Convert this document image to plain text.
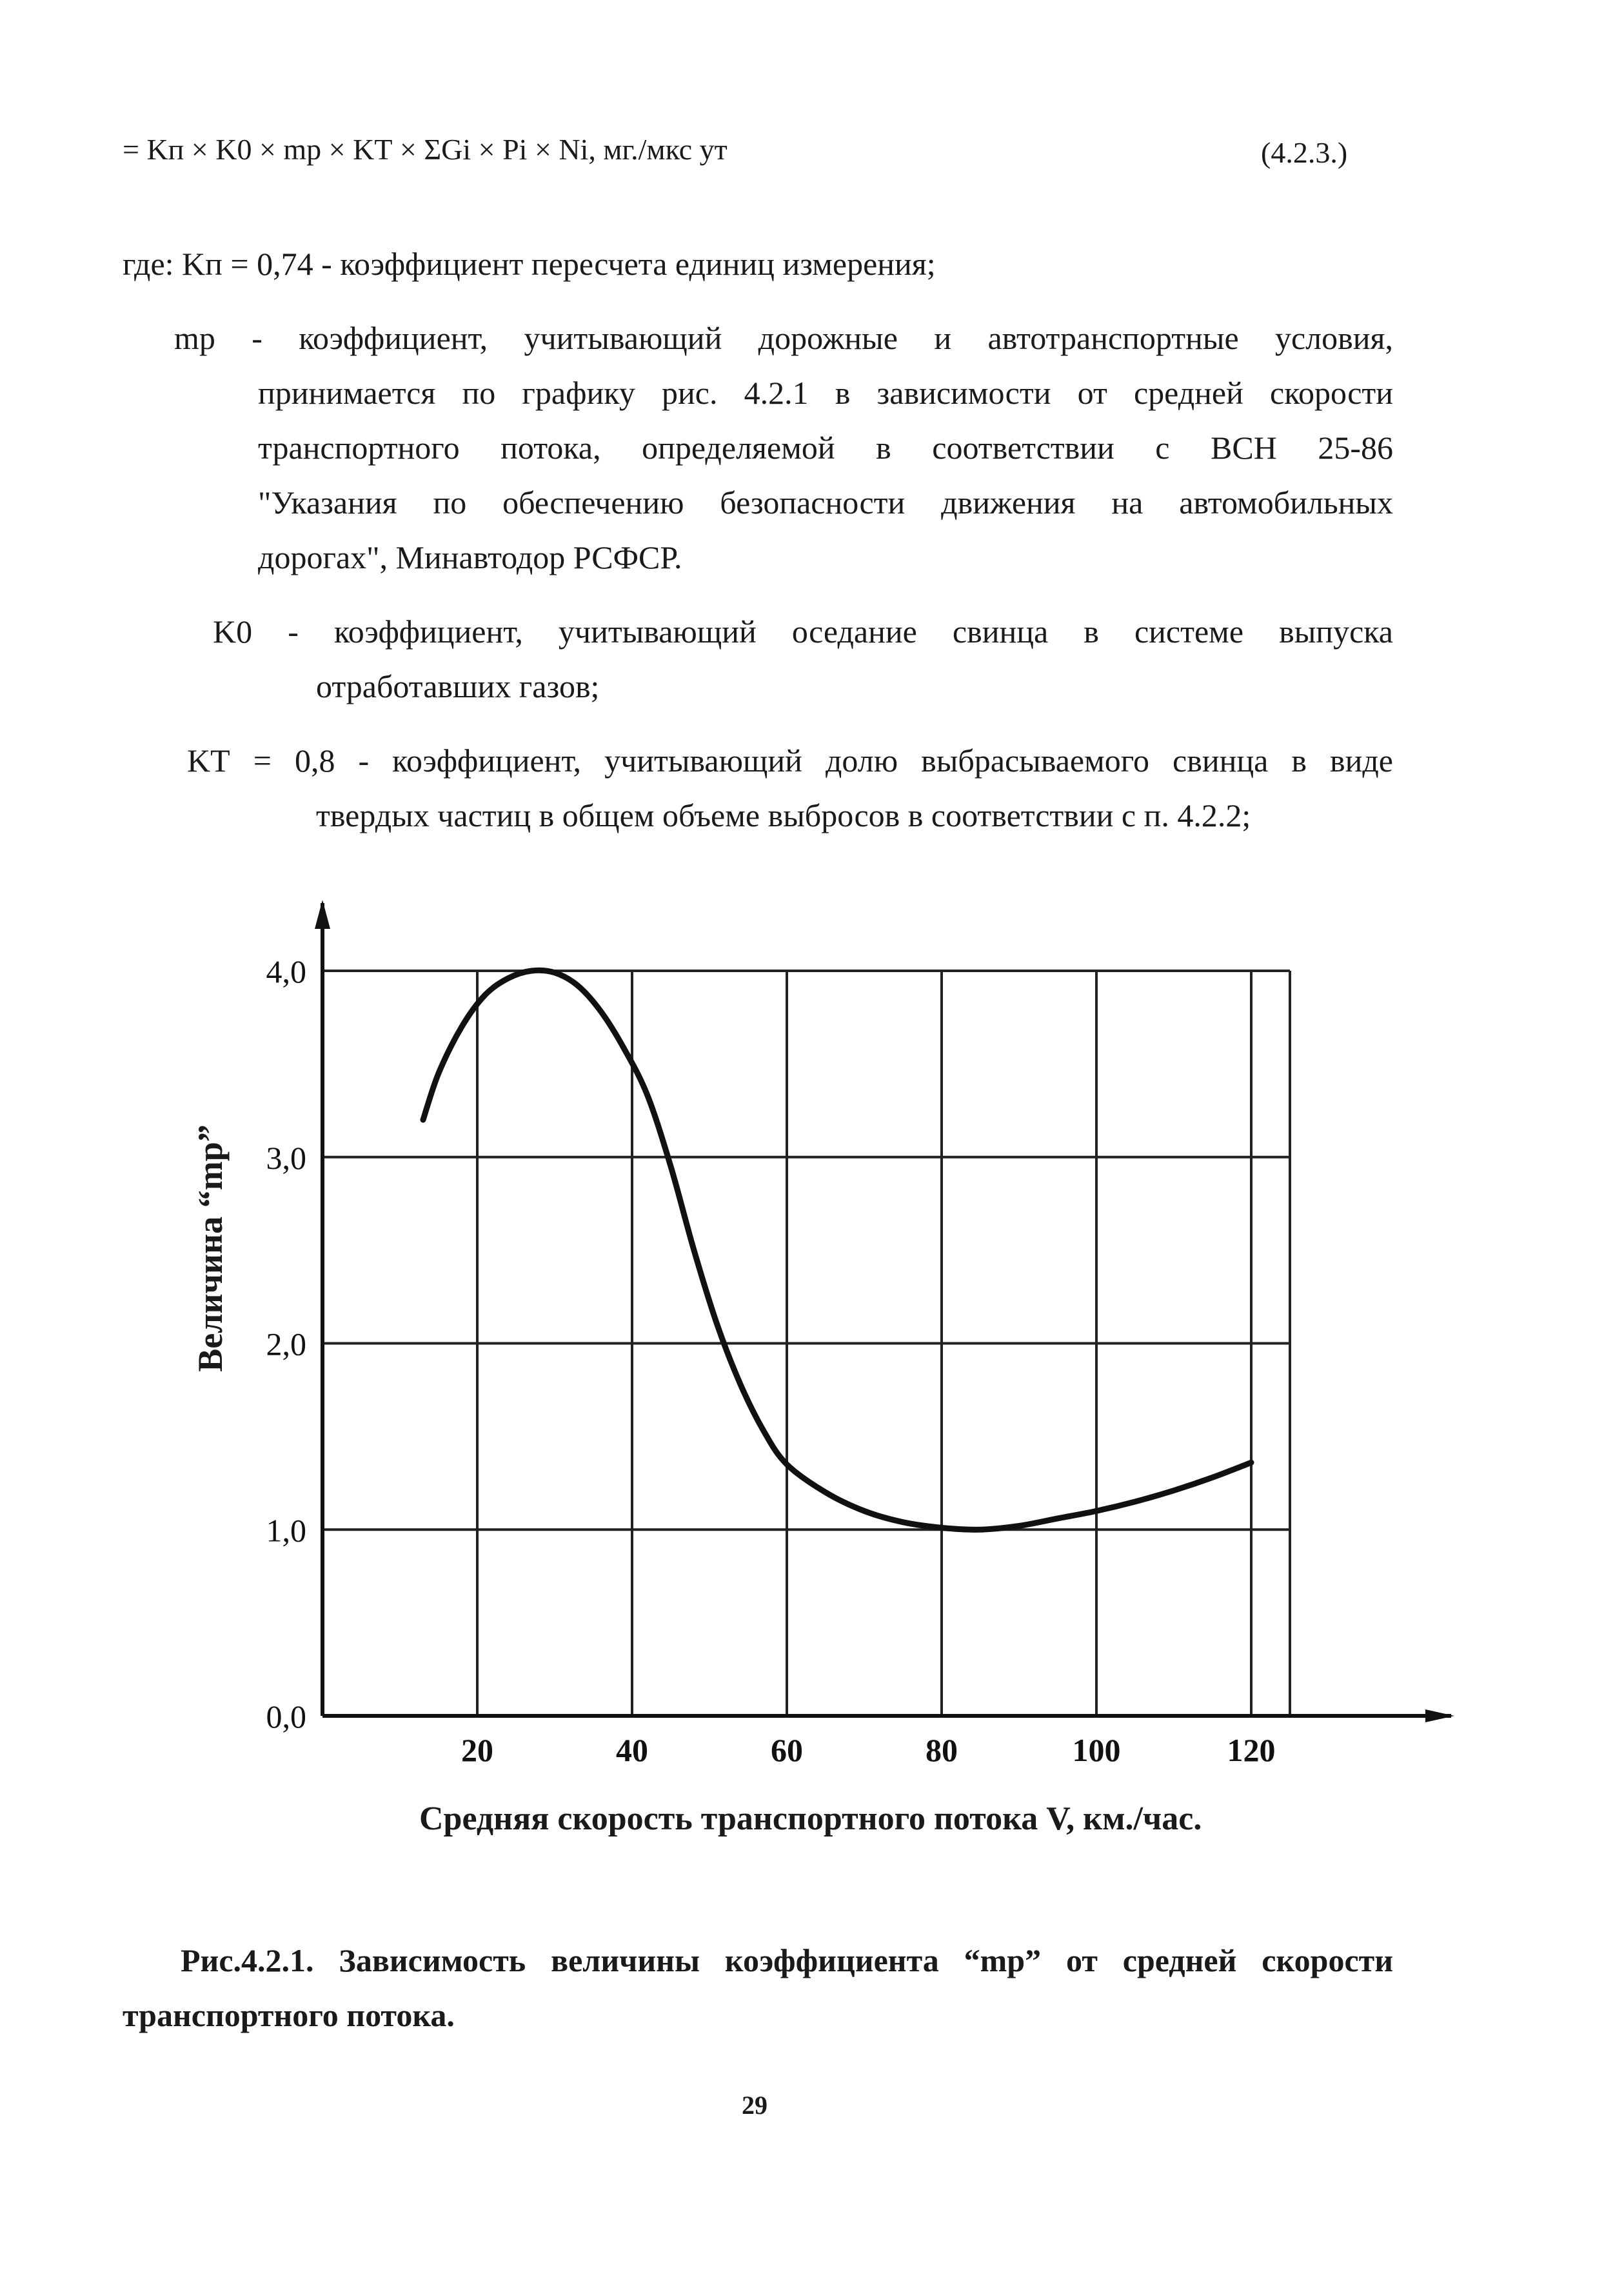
= Kп × K0 × mр × KТ × ΣGi × Pi × Ni, мг./мкс ут	(4.2.3.)
где: Kп = 0,74 - коэффициент пересчета единиц измерения;
mр - коэффициент, учитывающий дорожные и автотранспортные условия,
принимается по графику рис. 4.2.1 в зависимости от средней скорости
транспортного потока, определяемой в соответствии с ВСН 25-86
"Указания по обеспечению безопасности движения на автомобильных
дорогах", Минавтодор РСФСР.
K0 - коэффициент, учитывающий оседание свинца в системе выпуска
отработавших газов;
KТ = 0,8 - коэффициент, учитывающий долю выбрасываемого свинца в виде
твердых частиц в общем объеме выбросов в соответствии с п. 4.2.2;
0,0
1,0
2,0
3,0
4,0
20	40	60	80	100	120
Величина “mр”
Средняя скорость транспортного потока V, км./час.
Рис.4.2.1. Зависимость величины коэффициента “mр” от средней скорости
транспортного потока.
29
